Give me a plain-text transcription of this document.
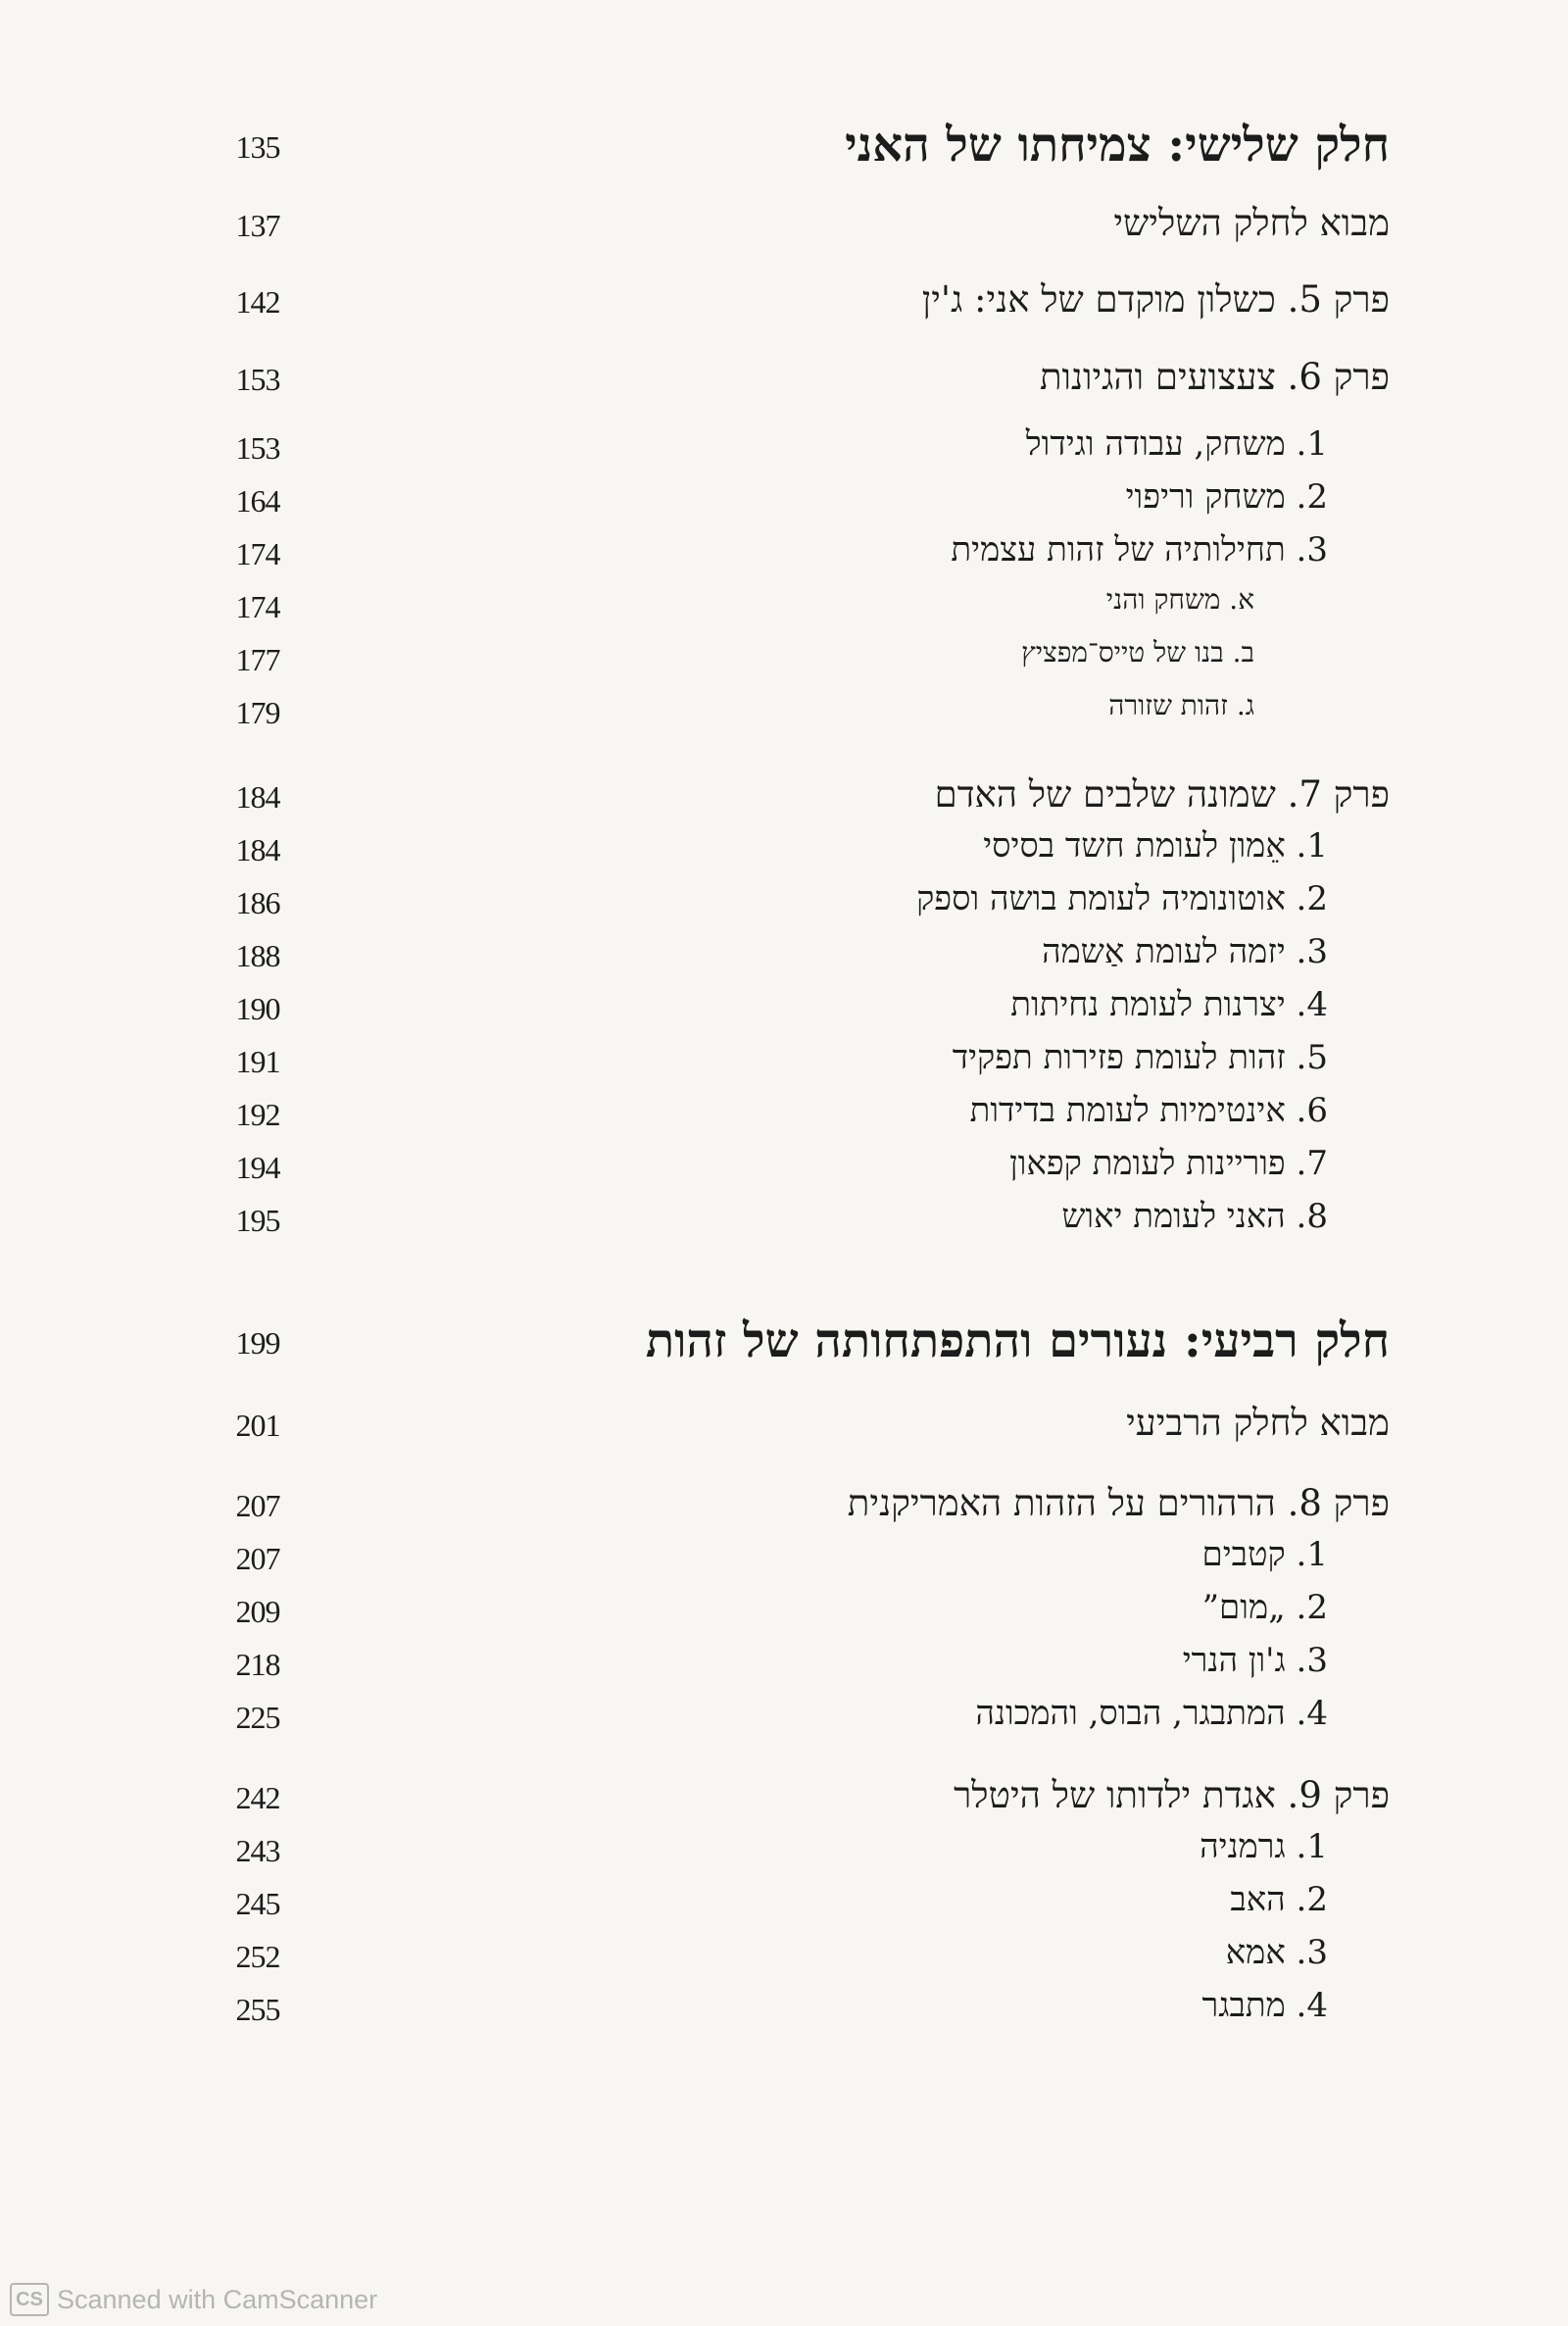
חלק שלישי: צמיחתו של האני
135
מבוא לחלק השלישי
137
פרק 5. כשלון מוקדם של אני: ג'ין
142
פרק 6. צעצועים והגיונות
153
1. משחק, עבודה וגידול
153
2. משחק וריפוי
164
3. תחילותיה של זהות עצמית
174
א. משחק והני
174
ב. בנו של טייס־מפציץ
177
ג. זהות שזורה
179
פרק 7. שמונה שלבים של האדם
184
1. אֵמון לעומת חשד בסיסי
184
2. אוטונומיה לעומת בושה וספק
186
3. יזמה לעומת אַשמה
188
4. יצרנות לעומת נחיתות
190
5. זהות לעומת פזירות תפקיד
191
6. אינטימיות לעומת בדידות
192
7. פוריינות לעומת קפאון
194
8. האני לעומת יאוש
195
חלק רביעי: נעורים והתפתחותה של זהות
199
מבוא לחלק הרביעי
201
פרק 8. הרהורים על הזהות האמריקנית
207
1. קטבים
207
2. „מום”
209
3. ג'ון הנרי
218
4. המתבגר, הבוס, והמכונה
225
פרק 9. אגדת ילדותו של היטלר
242
1. גרמניה
243
2. האב
245
3. אמא
252
4. מתבגר
255
CS Scanned with CamScanner
